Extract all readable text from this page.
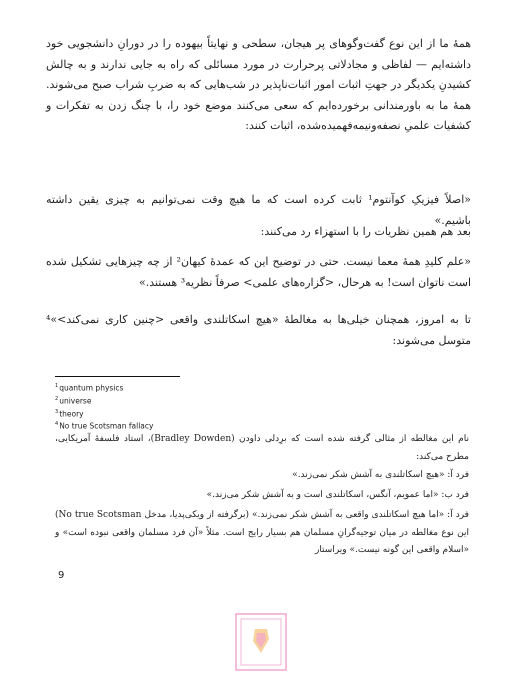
همهٔ ما از این نوع گفت‌وگوهای پر هیجان، سطحی و نهایتاً بیهوده را در دورانِ دانشجویی خود داشته‌ایم — لفاظی و مجادلاتی پرحرارت در مورد مسائلی که راه به جایی ندارند و به چالش کشیدنِ یکدیگر در جهتِ اثبات امور اثبات‌ناپذیر در شب‌هایی که به ضربِ شراب صبح می‌شوند. همهٔ ما به باورمندانی برخورده‌ایم که سعی می‌کنند موضع خود را، با چنگ زدن به تفکرات و کشفیات علمیِ نصفه‌ونیمه‌فهمیده‌شده، اثبات کنند:
«اصلاً فیزیکِ کوآنتوم¹ ثابت کرده است که ما هیچ وقت نمی‌توانیم به چیزی یقین داشته باشیم.»
بعد هم همین نظریات را با استهزاء رد می‌کنند:
«علم کلیدِ همهٔ معما نیست. حتی در توضیح این که عمدهٔ کیهان² از چه چیزهایی تشکیل شده است ناتوان است! به هرحال، <گزاره‌های علمی> صرفاً نظریه³ هستند.»
تا به امروز، همچنان خیلی‌ها به مغالطهٔ «هیچ اسکاتلندی واقعی <چنین کاری نمی‌کند>»⁴ متوسل می‌شوند:
$^1$quantum physics
$^2$universe
$^3$theory
$^4$No true Scotsman fallacy
نام این مغالطه از مثالی گرفته شده است که برِدلی داودن (Bradley Dowden)، استاد فلسفهٔ آمریکایی، مطرح می‌کند:
فرد آ: «هیچ اسکاتلندی به آشش شکر نمی‌زند.»
فرد ب: «اما عمویم، آنگس، اسکاتلندی است و به آشش شکر می‌زند.»
فرد آ: «اما هیچ اسکاتلندی واقعی به آشش شکر نمی‌زند.» (برگرفته از ویکی‌پدیا، مدخل No true Scotsman) این نوع مغالطه در میان توجیه‌گرانِ مسلمان هم بسیار رایج است. مثلاً «آن فرد مسلمان واقعی نبوده است» و «اسلام واقعی این گونه نیست.» ویراستار
9
